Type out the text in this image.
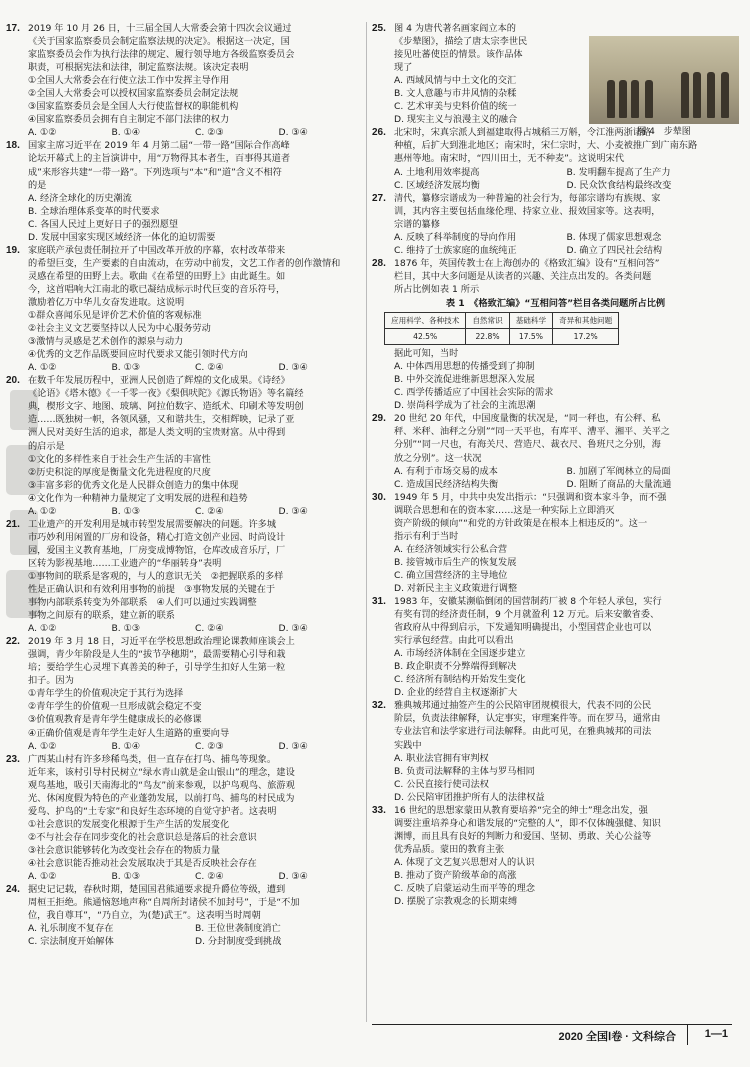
17. 2019 年 10 月 26 日，十三届全国人大常委会第十四次会议通过
《关于国家监察委员会制定监察法规的决定》。根据这一决定，国
家监察委员会作为执行法律的规定、履行领导地方各级监察委员会
职责，可根据宪法和法律，制定监察法规。该决定表明
①全国人大常委会在行使立法工作中发挥主导作用
②全国人大常委会可以授权国家监察委员会制定法规
③国家监察委员会是全国人大行使监督权的职能机构
④国家监察委员会拥有自主制定不部门法律的权力
A. ①②	B. ①④	C. ②③	D. ③④
18. 国家主席习近平在 2019 年 4 月第二届“一带一路”国际合作高峰
论坛开幕式上的主旨演讲中，用“万物得其本者生，百事得其道者
成”来形容共建“一带一路”。下列选项与“本”和“道”含义不相符
的是
A. 经济全球化的历史潮流
B. 全球治理体系变革的时代要求
C. 各国人民过上更好日子的强烈愿望
D. 发展中国家实现区域经济一体化的迫切需要
19. 家庭联产承包责任制拉开了中国改革开放的序幕，农村改革带来
的希望巨变，生产要素的自由流动，在劳动中前发，文艺工作者的创作激情和
灵感在希望的田野上去。歌曲《在希望的田野上》由此诞生。如
今，这首唱响大江南北的歌已凝结成标示时代巨变的音乐符号，
激励着亿万中华儿女奋发进取。这说明
①群众喜闻乐见是评价艺术价值的客观标准
②社会主义文艺要坚持以人民为中心服务劳动
③激情与灵感是艺术创作的源泉与动力
④优秀的文艺作品既要回应时代要求又能引领时代方向
A. ①②	B. ①③	C. ②④	D. ③④
20. 在数千年发展历程中，亚洲人民创造了辉煌的文化成果。《诗经》
《论语》《塔木德》《一千零一夜》《梨俱吠陀》《源氏物语》等名篇经
典，楔形文字、地图、玻璃、阿拉伯数字、造纸术、印刷术等发明创
造……既独树一帜，各领风骚，又和谐共生，交相辉映，记录了亚
洲人民对美好生活的追求，都是人类文明的宝贵财富。从中得到
的启示是
①文化的多样性来自于社会生产生活的丰富性
②历史积淀的厚度是衡量文化先进程度的尺度
③丰富多彩的优秀文化是人民群众创造力的集中体现
④文化作为一种精神力量规定了文明发展的进程和趋势
A. ①②	B. ①③	C. ②④	D. ③④
21. 工业遗产的开发利用是城市转型发展需要解决的问题。许多城
市巧妙利用闲置的厂房和设备，精心打造文创产业园、时尚设计
园，爱国主义教育基地，厂房变成博物馆，仓库改成音乐厅，厂
区转为影视基地……工业遗产的“华丽转身”表明
①事物间的联系是客观的，与人的意识无关　②把握联系的多样
性是正确认识和有效利用事物的前提　③事物发展的关键在于
事物内部联系转变为外部联系　④人们可以通过实践调整
事物之间原有的联系，建立新的联系
A. ①②	B. ①③	C. ②④	D. ③④
22. 2019 年 3 月 18 日，习近平在学校思想政治理论课教师座谈会上
强调，青少年阶段是人生的“拔节孕穗期”，最需要精心引导和栽
培；要给学生心灵埋下真善美的种子，引导学生扣好人生第一粒
扣子。因为
①青年学生的价值观决定于其行为选择
②青年学生的价值观一旦形成就会稳定不变
③价值观教育是青年学生健康成长的必修课
④正确价值观是青年学生走好人生道路的重要向导
A. ①②	B. ①④	C. ②③	D. ③④
23. 广西某山村有许多珍稀鸟类，但一直存在打鸟、捕鸟等现象。
近年来，该村引导村民树立“绿水青山就是金山银山”的理念，建设
观鸟基地，吸引天南海北的“鸟友”前来参观，以护鸟观鸟、旅游观
光、休闲度假为特色的产业蓬勃发展，以前打鸟、捕鸟的村民成为
爱鸟、护鸟的“土专家”和良好生态环境的自觉守护者。这表明
①社会意识的发展变化根源于生产生活的发展变化
②不与社会存在同步变化的社会意识总是落后的社会意识
③社会意识能够转化为改变社会存在的物质力量
④社会意识能否推动社会发展取决于其是否反映社会存在
A. ①②	B. ①③	C. ②④	D. ③④
24. 据史记记载，春秋时期，楚国国君熊通要求提升爵位等级，遭到
周桓王拒绝。熊通恼怒地声称“自周所封诸侯不加封号”，于是“不加
位，我自尊耳”，“乃自立，为(楚)武王”。这表明当时周朝
A. 礼乐制度不复存在	B. 王位世袭制度消亡
C. 宗法制度开始解体	D. 分封制度受到挑战
25. 图 4 为唐代著名画家阎立本的
《步辇图》，描绘了唐太宗李世民
接见吐蕃使臣的情景。该作品体
现了
A. 西域风情与中土文化的交汇
B. 文人意趣与市井风情的杂糅
C. 艺术审美与史料价值的统一
D. 现实主义与浪漫主义的融合
图 4　步辇图
26. 北宋时，宋真宗派人到福建取得占城稻三万斛，令江淮两浙诸路
种植，后扩大到淮北地区；南宋时，宋仁宗时，大、小麦被推广到广南东路
惠州等地。南宋时，“四川田土，无不种麦”。这说明宋代
A. 土地利用效率提高	B. 发明翻车提高了生产力
C. 区域经济发展均衡	D. 民众饮食结构最终改变
27. 清代，纂修宗谱成为一种普遍的社会行为，每部宗谱均有族规、家
训，其内容主要包括血缘伦理、持家立业、报效国家等。这表明，
宗谱的纂修
A. 反映了科举制度的导向作用	B. 体现了儒家思想观念
C. 维持了士族家庭的血统纯正	D. 确立了四民社会结构
28. 1876 年，英国传教士在上海创办的《格致汇编》设有“互相问答”
栏目，其中大多问题是从读者的兴趣、关注点出发的。各类问题
所占比例如表 1 所示
表 1　《格致汇编》“互相问答”栏目各类问题所占比例
应用科学、各种技术	自然常识	基础科学	奇异和其他问题
42.5%	22.8%	17.5%	17.2%
据此可知，当时
A. 中体西用思想的传播受到了抑制
B. 中外交流促进维新思想深入发展
C. 西学传播适应了中国社会实际的需求
D. 崇尚科学成为了社会的主流思潮
29. 20 世纪 20 年代，中国度量衡的状况是，“同一秤也，有公秤、私
秤、米秤、油秤之分别”“同一天平也，有库平、漕平、湘平、关平之
分别”“同一尺也，有海关尺、营造尺、裁衣尺、鲁班尺之分别，海
放之分别”。这一状况
A. 有利于市场交易的成本	B. 加剧了军阀林立的局面
C. 造成国民经济结构失衡	D. 阻断了商品的大量流通
30. 1949 年 5 月，中共中央发出指示：“只强调和资本家斗争，而不强
调联合思想和在的资本家……这是一种实际上立即消灭
资产阶级的倾向”“和党的方针政策是在根本上相违反的”。这一
指示有利于当时
A. 在经济领域实行公私合营
B. 接管城市后生产的恢复发展
C. 确立国营经济的主导地位
D. 对新民主主义政策进行调整
31. 1983 年，安徽某濒临倒闭的国营制药厂被 8 个年轻人承包，实行
有奖有罚的经济责任制，9 个月就盈利 12 万元。后来安徽省委、
省政府从中得到启示，下发通知明确提出，小型国营企业也可以
实行承包经营。由此可以看出
A. 市场经济体制在全国逐步建立
B. 政企职责不分弊端得到解决
C. 经济所有制结构开始发生变化
D. 企业的经营自主权逐渐扩大
32. 雅典城邦通过抽签产生的公民陪审团规模很大，代表不同的公民
阶层，负责法律解释，认定事实，审理案件等。而在罗马，通常由
专业法官和法学家进行司法解释。由此可见，在雅典城邦的司法
实践中
A. 职业法官拥有审判权
B. 负责司法解释的主体与罗马相同
C. 公民直接行使司法权
D. 公民陪审团推护所有人的法律权益
33. 16 世纪的思想家蒙田从教育要培养“完全的绅士”理念出发，强
调要注重培养身心和谐发展的“完整的人”，即不仅体魄强健、知识
渊博，而且具有良好的判断力和爱国、坚韧、勇敢、关心公益等
优秀品质。蒙田的教育主张
A. 体现了文艺复兴思想对人的认识
B. 推动了资产阶级革命的高涨
C. 反映了启蒙运动生而平等的理念
D. 摆脱了宗教观念的长期束缚
2020 全国Ⅰ卷 · 文科综合	1—1
